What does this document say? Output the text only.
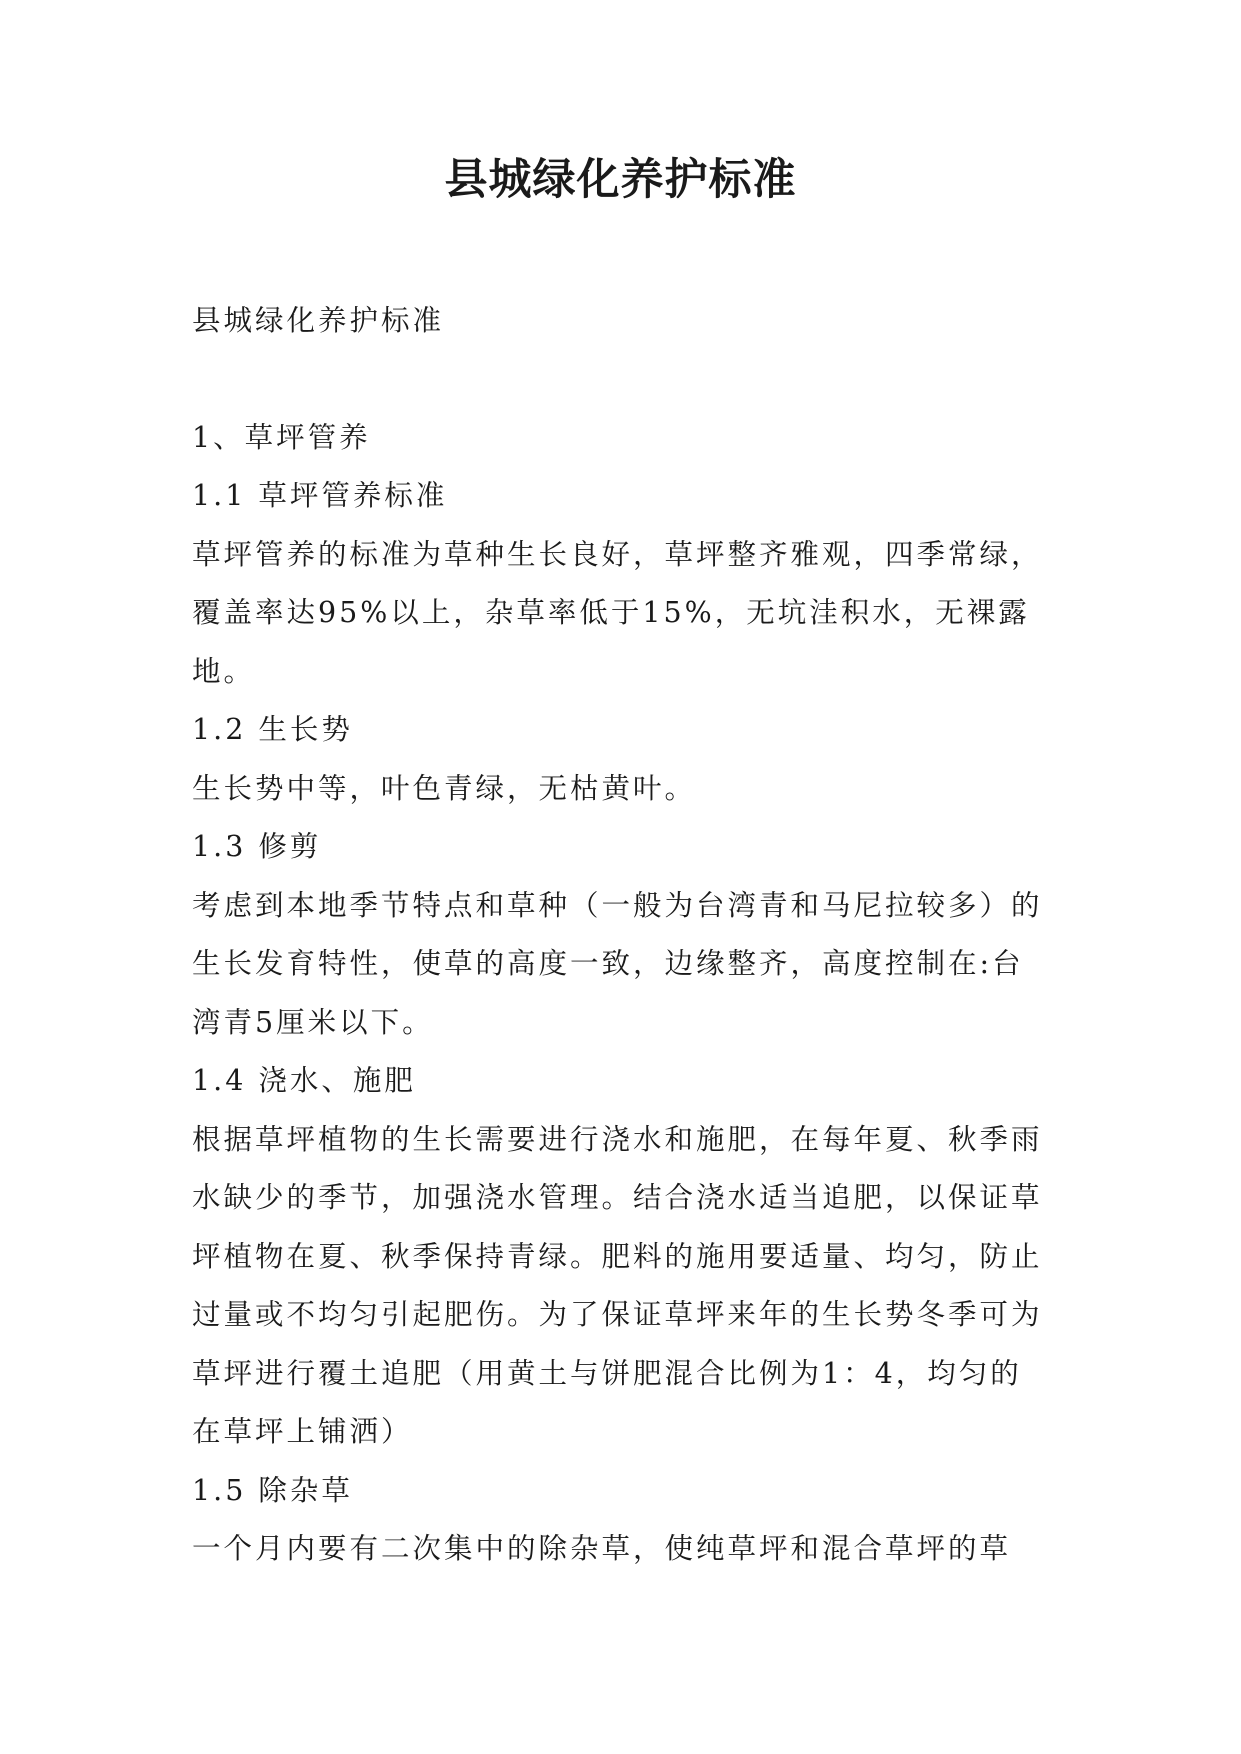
县城绿化养护标准

县城绿化养护标准

1、草坪管养

1.1 草坪管养标准

草坪管养的标准为草种生长良好，草坪整齐雅观，四季常绿，覆盖率达95%以上，杂草率低于15%，无坑洼积水，无裸露地。

1.2 生长势

生长势中等，叶色青绿，无枯黄叶。

1.3 修剪

考虑到本地季节特点和草种（一般为台湾青和马尼拉较多）的生长发育特性，使草的高度一致，边缘整齐，高度控制在:台湾青5厘米以下。

1.4 浇水、施肥

根据草坪植物的生长需要进行浇水和施肥，在每年夏、秋季雨水缺少的季节，加强浇水管理。结合浇水适当追肥，以保证草坪植物在夏、秋季保持青绿。肥料的施用要适量、均匀，防止过量或不均匀引起肥伤。为了保证草坪来年的生长势冬季可为草坪进行覆土追肥（用黄土与饼肥混合比例为1：4，均匀的在草坪上铺洒）

1.5 除杂草

一个月内要有二次集中的除杂草，使纯草坪和混合草坪的草
